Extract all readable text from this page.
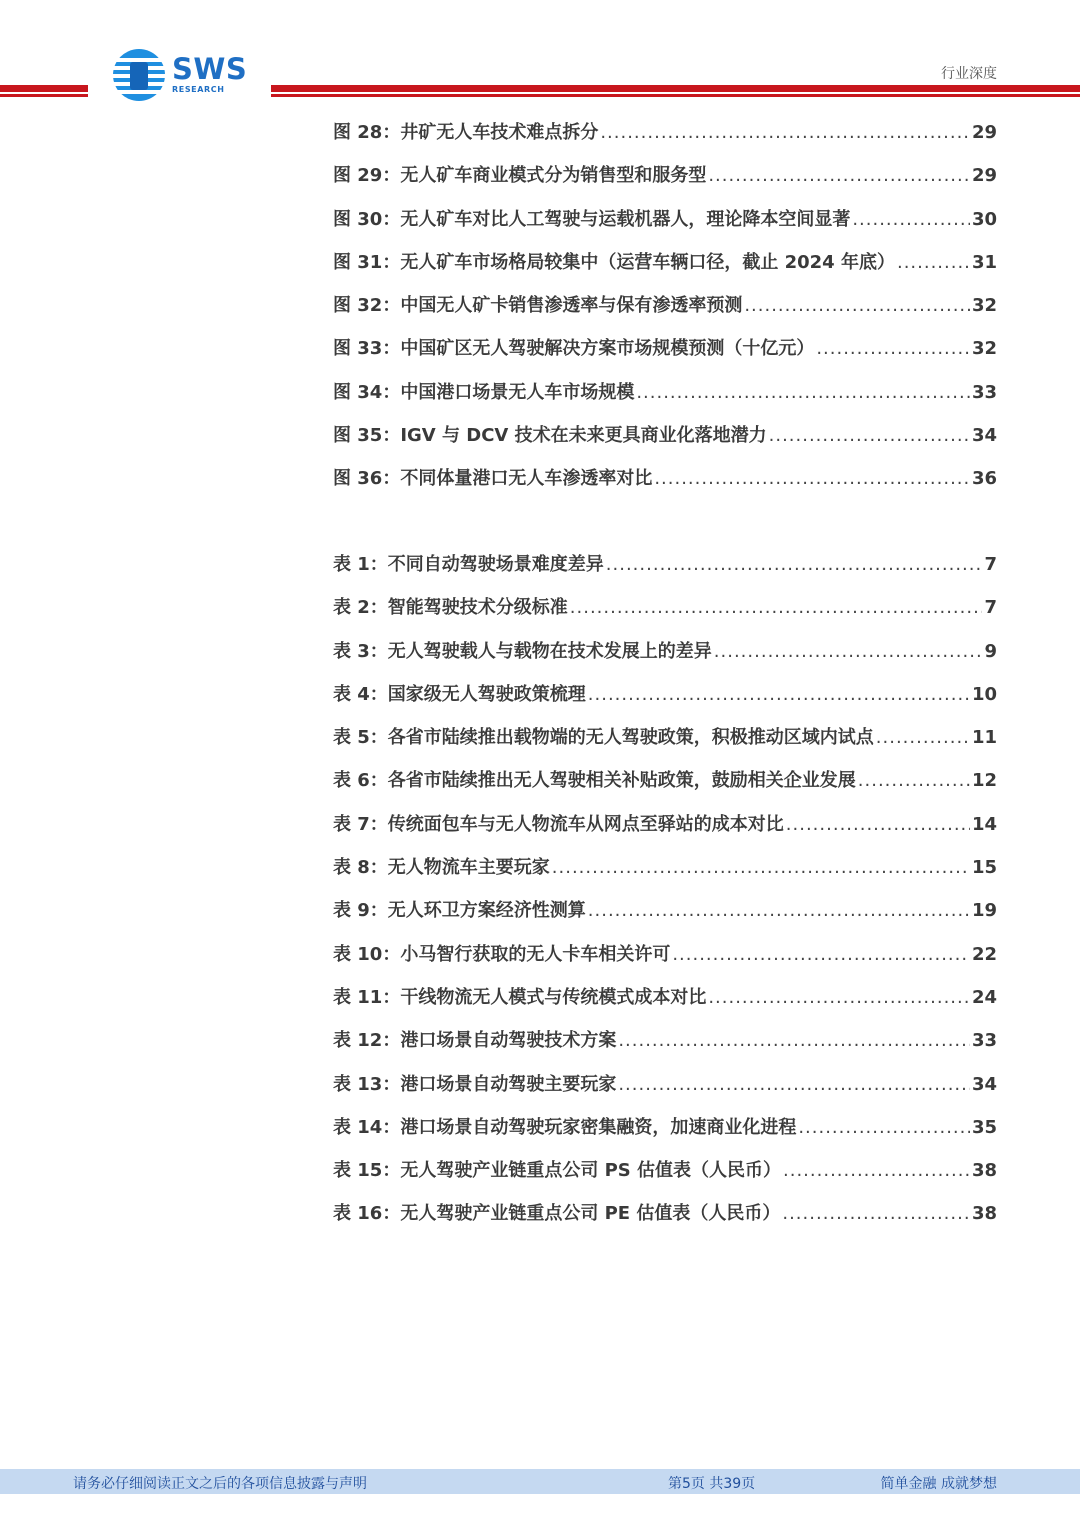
SWS
RESEARCH
行业深度
图 28： 井矿无人车技术难点拆分 .....	29
图 29： 无人矿车商业模式分为销售型和服务型 .....	29
图 30： 无人矿车对比人工驾驶与运载机器人，理论降本空间显著 .....	30
图 31： 无人矿车市场格局较集中（运营车辆口径，截止 2024 年底） .....	31
图 32： 中国无人矿卡销售渗透率与保有渗透率预测 .....	32
图 33： 中国矿区无人驾驶解决方案市场规模预测（十亿元） .....	32
图 34： 中国港口场景无人车市场规模 .....	33
图 35： IGV 与 DCV 技术在未来更具商业化落地潜力 .....	34
图 36： 不同体量港口无人车渗透率对比 .....	36
表 1： 不同自动驾驶场景难度差异 .....	7
表 2： 智能驾驶技术分级标准 .....	7
表 3： 无人驾驶载人与载物在技术发展上的差异 .....	9
表 4： 国家级无人驾驶政策梳理 .....	10
表 5： 各省市陆续推出载物端的无人驾驶政策，积极推动区域内试点 .....	11
表 6： 各省市陆续推出无人驾驶相关补贴政策，鼓励相关企业发展 .....	12
表 7： 传统面包车与无人物流车从网点至驿站的成本对比 .....	14
表 8： 无人物流车主要玩家 .....	15
表 9： 无人环卫方案经济性测算 .....	19
表 10： 小马智行获取的无人卡车相关许可 .....	22
表 11： 干线物流无人模式与传统模式成本对比 .....	24
表 12： 港口场景自动驾驶技术方案 .....	33
表 13： 港口场景自动驾驶主要玩家 .....	34
表 14： 港口场景自动驾驶玩家密集融资，加速商业化进程 .....	35
表 15： 无人驾驶产业链重点公司 PS 估值表（人民币） .....	38
表 16： 无人驾驶产业链重点公司 PE 估值表（人民币） .....	38
请务必仔细阅读正文之后的各项信息披露与声明	第5页 共39页	简单金融 成就梦想
